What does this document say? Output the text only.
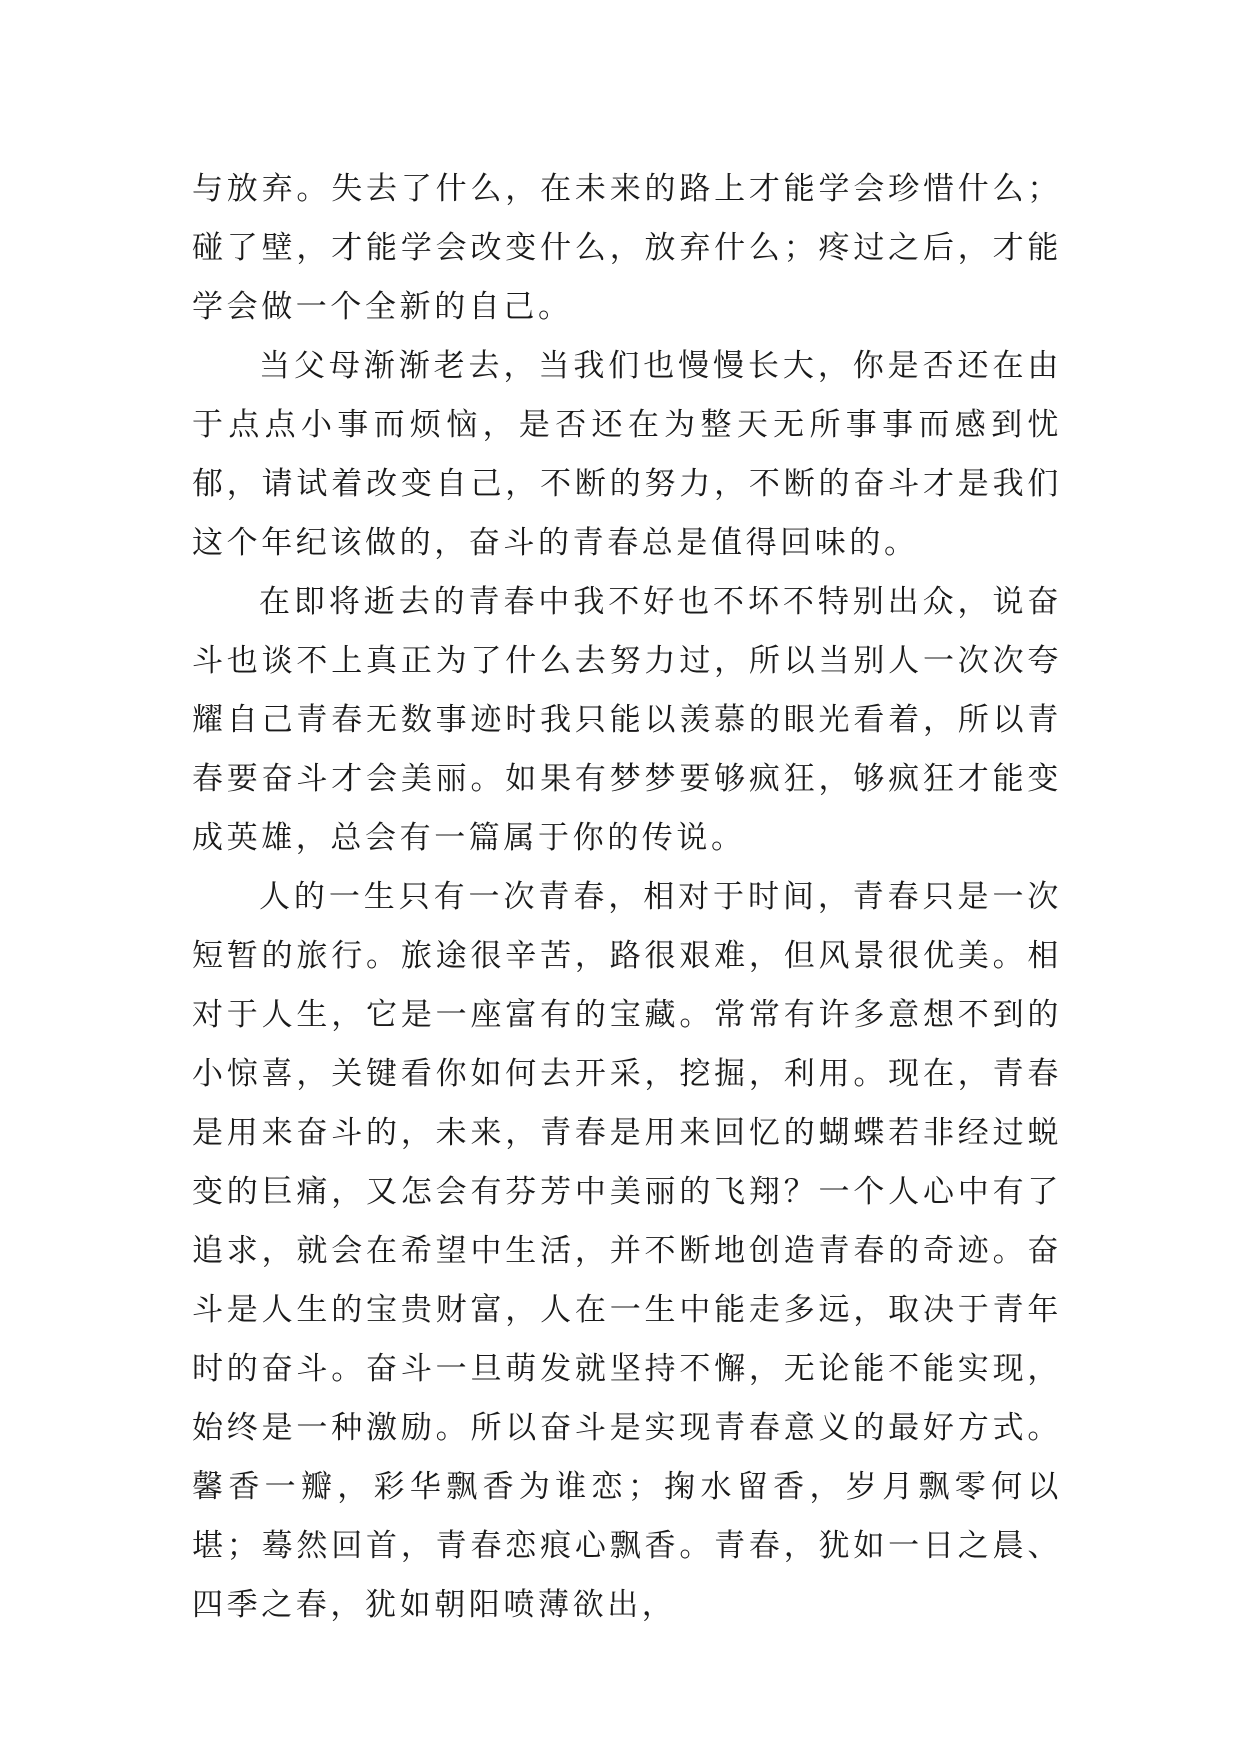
与放弃。失去了什么，在未来的路上才能学会珍惜什么；碰了壁，才能学会改变什么，放弃什么；疼过之后，才能学会做一个全新的自己。

当父母渐渐老去，当我们也慢慢长大，你是否还在由于点点小事而烦恼，是否还在为整天无所事事而感到忧郁，请试着改变自己，不断的努力，不断的奋斗才是我们这个年纪该做的，奋斗的青春总是值得回味的。

在即将逝去的青春中我不好也不坏不特别出众，说奋斗也谈不上真正为了什么去努力过，所以当别人一次次夸耀自己青春无数事迹时我只能以羡慕的眼光看着，所以青春要奋斗才会美丽。如果有梦梦要够疯狂，够疯狂才能变成英雄，总会有一篇属于你的传说。

人的一生只有一次青春，相对于时间，青春只是一次短暂的旅行。旅途很辛苦，路很艰难，但风景很优美。相对于人生，它是一座富有的宝藏。常常有许多意想不到的小惊喜，关键看你如何去开采，挖掘，利用。现在，青春是用来奋斗的，未来，青春是用来回忆的蝴蝶若非经过蜕变的巨痛，又怎会有芬芳中美丽的飞翔？一个人心中有了追求，就会在希望中生活，并不断地创造青春的奇迹。奋斗是人生的宝贵财富，人在一生中能走多远，取决于青年时的奋斗。奋斗一旦萌发就坚持不懈，无论能不能实现，始终是一种激励。所以奋斗是实现青春意义的最好方式。馨香一瓣，彩华飘香为谁恋；掬水留香，岁月飘零何以堪；蓦然回首，青春恋痕心飘香。青春，犹如一日之晨、四季之春，犹如朝阳喷薄欲出，
